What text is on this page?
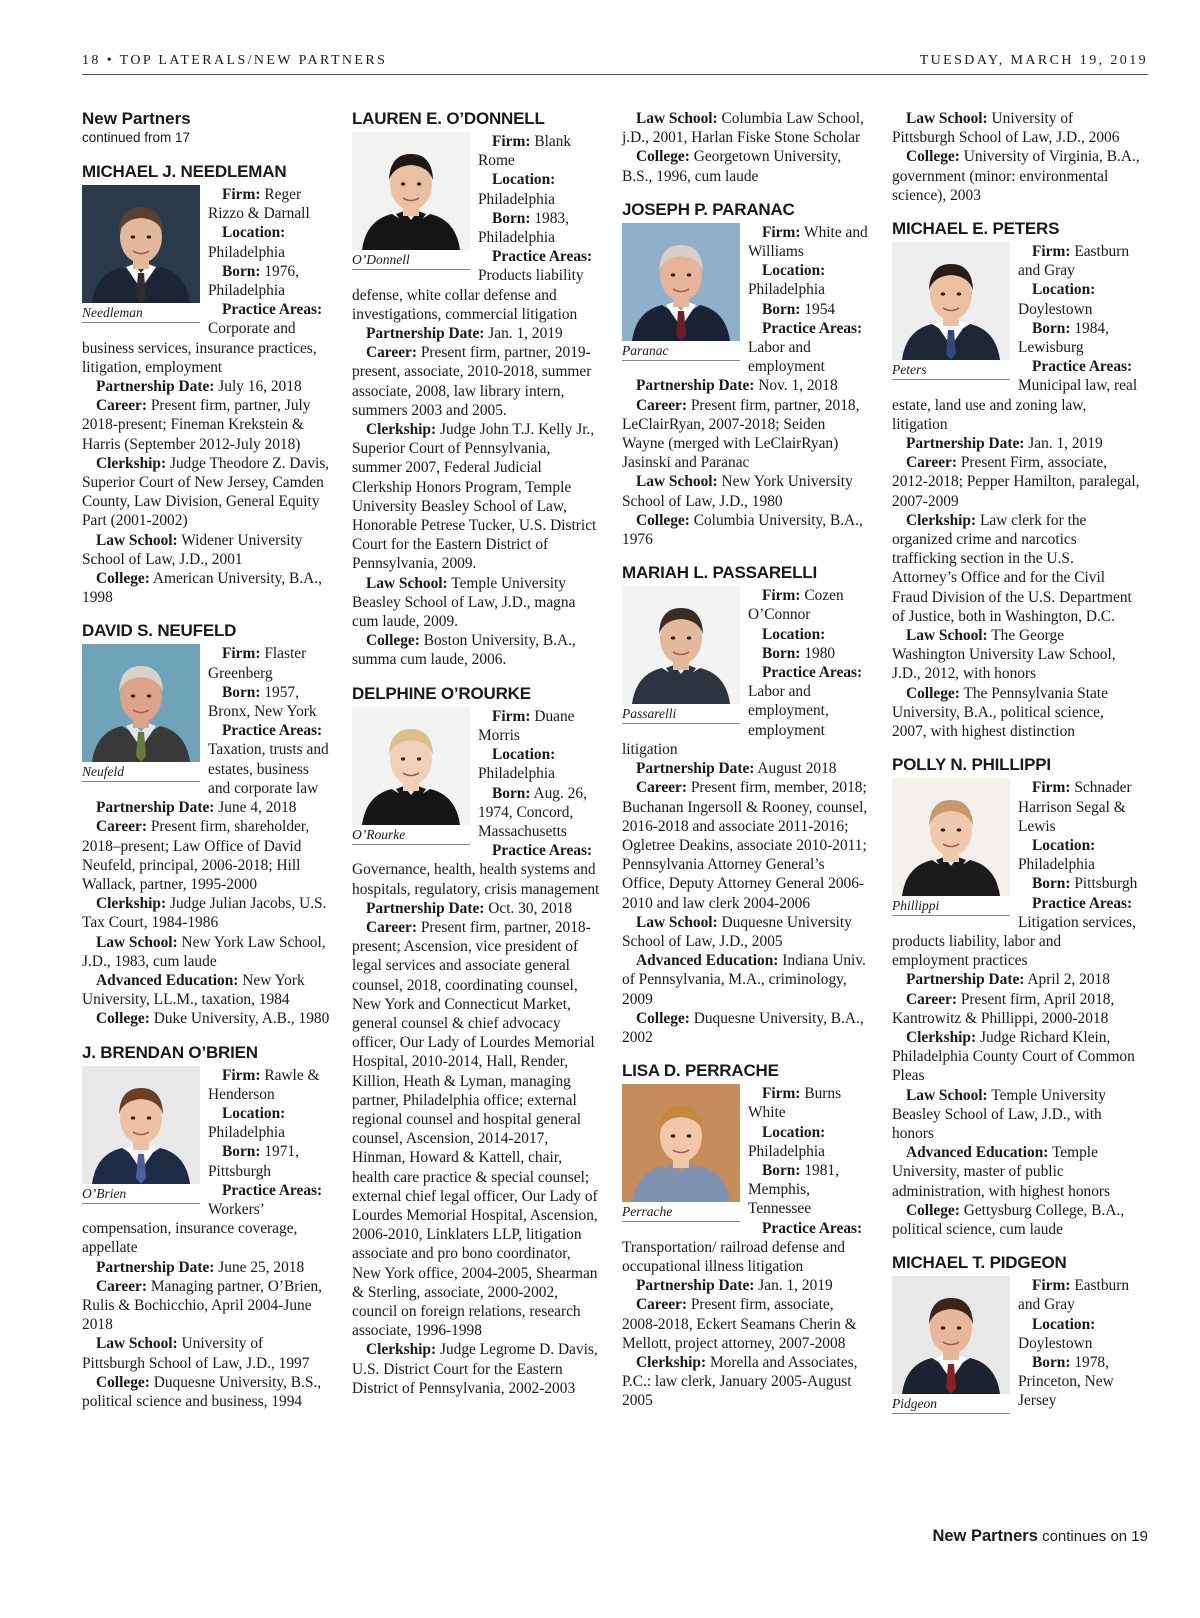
18 • TOP LATERALS/NEW PARTNERS	TUESDAY, MARCH 19, 2019
New Partners
continued from 17
MICHAEL J. NEEDLEMAN
Needleman
Firm: Reger Rizzo & Darnall
Location: Philadelphia
Born: 1976, Philadelphia
Practice Areas: Corporate and business services, insurance practices, litigation, employment
Partnership Date: July 16, 2018
Career: Present firm, partner, July 2018-present; Fineman Krekstein & Harris (September 2012-July 2018)
Clerkship: Judge Theodore Z. Davis, Superior Court of New Jersey, Camden County, Law Division, General Equity Part (2001-2002)
Law School: Widener University School of Law, J.D., 2001
College: American University, B.A., 1998
DAVID S. NEUFELD
Neufeld
Firm: Flaster Greenberg
Born: 1957, Bronx, New York
Practice Areas: Taxation, trusts and estates, business and corporate law
Partnership Date: June 4, 2018
Career: Present firm, shareholder, 2018–present; Law Office of David Neufeld, principal, 2006-2018; Hill Wallack, partner, 1995-2000
Clerkship: Judge Julian Jacobs, U.S. Tax Court, 1984-1986
Law School: New York Law School, J.D., 1983, cum laude
Advanced Education: New York University, LL.M., taxation, 1984
College: Duke University, A.B., 1980
J. BRENDAN O’BRIEN
O’Brien
Firm: Rawle & Henderson
Location: Philadelphia
Born: 1971, Pittsburgh
Practice Areas: Workers’ compensation, insurance coverage, appellate
Partnership Date: June 25, 2018
Career: Managing partner, O’Brien, Rulis & Bochicchio, April 2004-June 2018
Law School: University of Pittsburgh School of Law, J.D., 1997
College: Duquesne University, B.S., political science and business, 1994
LAUREN E. O’DONNELL
O’Donnell
Firm: Blank Rome
Location: Philadelphia
Born: 1983, Philadelphia
Practice Areas: Products liability defense, white collar defense and investigations, commercial litigation
Partnership Date: Jan. 1, 2019
Career: Present firm, partner, 2019-present, associate, 2010-2018, summer associate, 2008, law library intern, summers 2003 and 2005.
Clerkship: Judge John T.J. Kelly Jr., Superior Court of Pennsylvania, summer 2007, Federal Judicial Clerkship Honors Program, Temple University Beasley School of Law, Honorable Petrese Tucker, U.S. District Court for the Eastern District of Pennsylvania, 2009.
Law School: Temple University Beasley School of Law, J.D., magna cum laude, 2009.
College: Boston University, B.A., summa cum laude, 2006.
DELPHINE O’ROURKE
O’Rourke
Firm: Duane Morris
Location: Philadelphia
Born: Aug. 26, 1974, Concord, Massachusetts
Practice Areas: Governance, health, health systems and hospitals, regulatory, crisis management
Partnership Date: Oct. 30, 2018
Career: Present firm, partner, 2018-present; Ascension, vice president of legal services and associate general counsel, 2018, coordinating counsel, New York and Connecticut Market, general counsel & chief advocacy officer, Our Lady of Lourdes Memorial Hospital, 2010-2014, Hall, Render, Killion, Heath & Lyman, managing partner, Philadelphia office; external regional counsel and hospital general counsel, Ascension, 2014-2017, Hinman, Howard & Kattell, chair, health care practice & special counsel; external chief legal officer, Our Lady of Lourdes Memorial Hospital, Ascension, 2006-2010, Linklaters LLP, litigation associate and pro bono coordinator, New York office, 2004-2005, Shearman & Sterling, associate, 2000-2002, council on foreign relations, research associate, 1996-1998
Clerkship: Judge Legrome D. Davis, U.S. District Court for the Eastern District of Pennsylvania, 2002-2003
Law School: Columbia Law School, j.D., 2001, Harlan Fiske Stone Scholar
College: Georgetown University, B.S., 1996, cum laude
JOSEPH P. PARANAC
Paranac
Firm: White and Williams
Location: Philadelphia
Born: 1954
Practice Areas: Labor and employment
Partnership Date: Nov. 1, 2018
Career: Present firm, partner, 2018, LeClairRyan, 2007-2018; Seiden Wayne (merged with LeClairRyan) Jasinski and Paranac
Law School: New York University School of Law, J.D., 1980
College: Columbia University, B.A., 1976
MARIAH L. PASSARELLI
Passarelli
Firm: Cozen O’Connor
Location:
Born: 1980
Practice Areas: Labor and employment, employment litigation
Partnership Date: August 2018
Career: Present firm, member, 2018; Buchanan Ingersoll & Rooney, counsel, 2016-2018 and associate 2011-2016; Ogletree Deakins, associate 2010-2011; Pennsylvania Attorney General’s Office, Deputy Attorney General 2006-2010 and law clerk 2004-2006
Law School: Duquesne University School of Law, J.D., 2005
Advanced Education: Indiana Univ. of Pennsylvania, M.A., criminology, 2009
College: Duquesne University, B.A., 2002
LISA D. PERRACHE
Perrache
Firm: Burns White
Location: Philadelphia
Born: 1981, Memphis, Tennessee
Practice Areas: Transportation/ railroad defense and occupational illness litigation
Partnership Date: Jan. 1, 2019
Career: Present firm, associate, 2008-2018, Eckert Seamans Cherin & Mellott, project attorney, 2007-2008
Clerkship: Morella and Associates, P.C.: law clerk, January 2005-August 2005
Law School: University of Pittsburgh School of Law, J.D., 2006
College: University of Virginia, B.A., government (minor: environmental science), 2003
MICHAEL E. PETERS
Peters
Firm: Eastburn and Gray
Location: Doylestown
Born: 1984, Lewisburg
Practice Areas: Municipal law, real estate, land use and zoning law, litigation
Partnership Date: Jan. 1, 2019
Career: Present Firm, associate, 2012-2018; Pepper Hamilton, paralegal, 2007-2009
Clerkship: Law clerk for the organized crime and narcotics trafficking section in the U.S. Attorney’s Office and for the Civil Fraud Division of the U.S. Department of Justice, both in Washington, D.C.
Law School: The George Washington University Law School, J.D., 2012, with honors
College: The Pennsylvania State University, B.A., political science, 2007, with highest distinction
POLLY N. PHILLIPPI
Phillippi
Firm: Schnader Harrison Segal & Lewis
Location: Philadelphia
Born: Pittsburgh
Practice Areas: Litigation services, products liability, labor and employment practices
Partnership Date: April 2, 2018
Career: Present firm, April 2018, Kantrowitz & Phillippi, 2000-2018
Clerkship: Judge Richard Klein, Philadelphia County Court of Common Pleas
Law School: Temple University Beasley School of Law, J.D., with honors
Advanced Education: Temple University, master of public administration, with highest honors
College: Gettysburg College, B.A., political science, cum laude
MICHAEL T. PIDGEON
Pidgeon
Firm: Eastburn and Gray
Location: Doylestown
Born: 1978, Princeton, New Jersey
New Partners continues on 19
